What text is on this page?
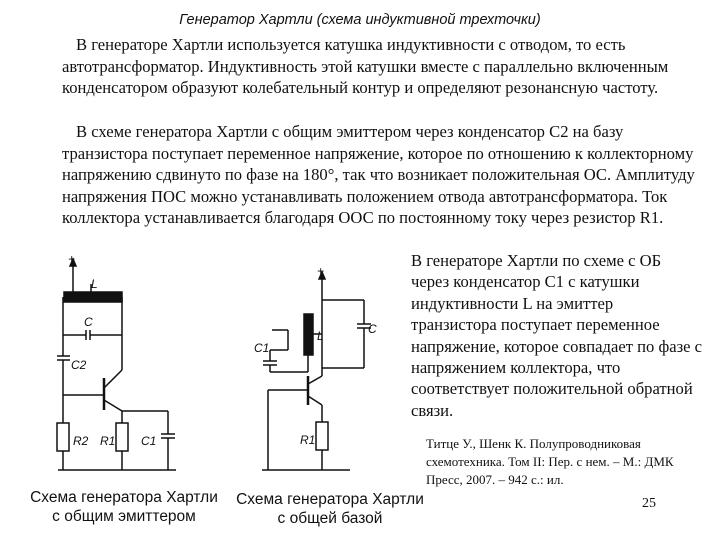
Генератор Хартли (схема индуктивной трехточки)

В генераторе Хартли используется катушка индуктивности с отводом, то есть автотрансформатор. Индуктивность этой катушки вместе с параллельно включенным конденсатором образуют колебательный контур и определяют резонансную частоту.

В схеме генератора Хартли с общим эмиттером через конденсатор С2 на базу транзистора поступает переменное напряжение, которое по отношению к коллекторному напряжению сдвинуто по фазе на 180°, так что возникает положительная ОС. Амплитуду напряжения ПОС можно устанавливать положением отвода автотрансформатора. Ток коллектора устанавливается благодаря ООС по постоянному току через резистор R1.

В генераторе Хартли по схеме с ОБ через конденсатор С1 с катушки индуктивности L на эмиттер транзистора поступает переменное напряжение, которое совпадает по фазе с напряжением коллектора, что соответствует положительной обратной связи.

Титце У., Шенк К. Полупроводниковая схемотехника. Том II: Пер. с нем. – М.: ДМК Пресс, 2007. – 942 с.: ил.

25
Схема генератора Хартли
с общим эмиттером
Схема генератора Хартли
с общей базой
+
L
C
C2
R2 R1 C1
+
L	C
C1
R1
